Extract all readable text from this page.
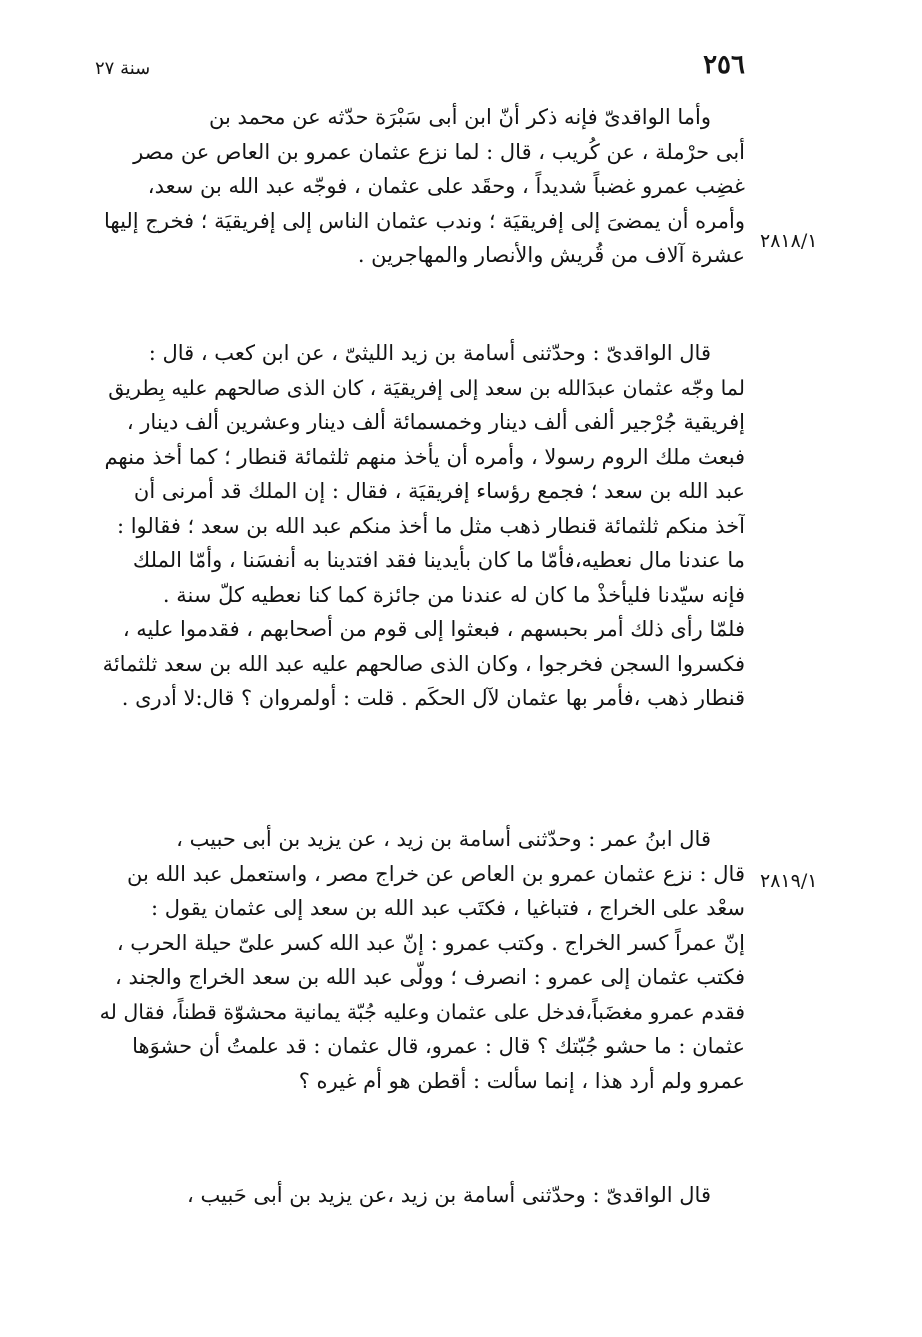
٢٥٦
سنة ٢٧
٢٨١٨/١
٢٨١٩/١
وأما الواقدىّ فإنه ذكر أنّ ابن أبى سَبْرَة حدّثه عن محمد بن
أبى حرْملة ، عن كُريب ، قال : لما نزع عثمان عمرو بن العاص عن مصر
غضِب عمرو غضباً شديداً ، وحقَد على عثمان ، فوجّه عبد الله بن سعد،
وأمره أن يمضىَ إلى إفريقيَة ؛ وندب عثمان الناس إلى إفريقيَة ؛ فخرج إليها
عشرة آلاف من قُريش والأنصار والمهاجرين .
قال الواقدىّ : وحدّثنى أسامة بن زيد الليثىّ ، عن ابن كعب ، قال :
لما وجّه عثمان عبدَالله بن سعد إلى إفريقيَة ، كان الذى صالحهم عليه بِطريق
إفريقية جُرْجير ألفى ألف دينار وخمسمائة ألف دينار وعشرين ألف دينار ،
فبعث ملك الروم رسولا ، وأمره أن يأخذ منهم ثلثمائة قنطار ؛ كما أخذ منهم
عبد الله بن سعد ؛ فجمع رؤساء إفريقيَة ، فقال : إن الملك قد أمرنى أن
آخذ منكم ثلثمائة قنطار ذهب مثل ما أخذ منكم عبد الله بن سعد ؛ فقالوا :
ما عندنا مال نعطيه،فأمّا ما كان بأيدينا فقد افتدينا به أنفسَنا ، وأمّا الملك
فإنه سيّدنا فليأخذْ ما كان له عندنا من جائزة كما كنا نعطيه كلّ سنة .
فلمّا رأى ذلك أمر بحبسهم ، فبعثوا إلى قوم من أصحابهم ، فقدموا عليه ،
فكسروا السجن فخرجوا ، وكان الذى صالحهم عليه عبد الله بن سعد ثلثمائة
قنطار ذهب ،فأمر بها عثمان لآل الحكَم . قلت : أولمروان ؟ قال:لا أدرى .
قال ابنُ عمر : وحدّثنى أسامة بن زيد ، عن يزيد بن أبى حبيب ،
قال : نزع عثمان عمرو بن العاص عن خراج مصر ، واستعمل عبد الله بن
سعْد على الخراج ، فتباغيا ، فكتَب عبد الله بن سعد إلى عثمان يقول :
إنّ عمراً كسر الخراج . وكتب عمرو : إنّ عبد الله كسر علىّ حيلة الحرب ،
فكتب عثمان إلى عمرو : انصرف ؛ وولّى عبد الله بن سعد الخراج والجند ،
فقدم عمرو مغضَباً،فدخل على عثمان وعليه جُبّة يمانية محشوّة قطناً، فقال له
عثمان : ما حشو جُبّتك ؟ قال : عمرو، قال عثمان : قد علمتُ أن حشوَها
عمرو ولم أرد هذا ، إنما سألت : أقطن هو أم غيره ؟
قال الواقدىّ : وحدّثنى أسامة بن زيد ،عن يزيد بن أبى حَبيب ،
